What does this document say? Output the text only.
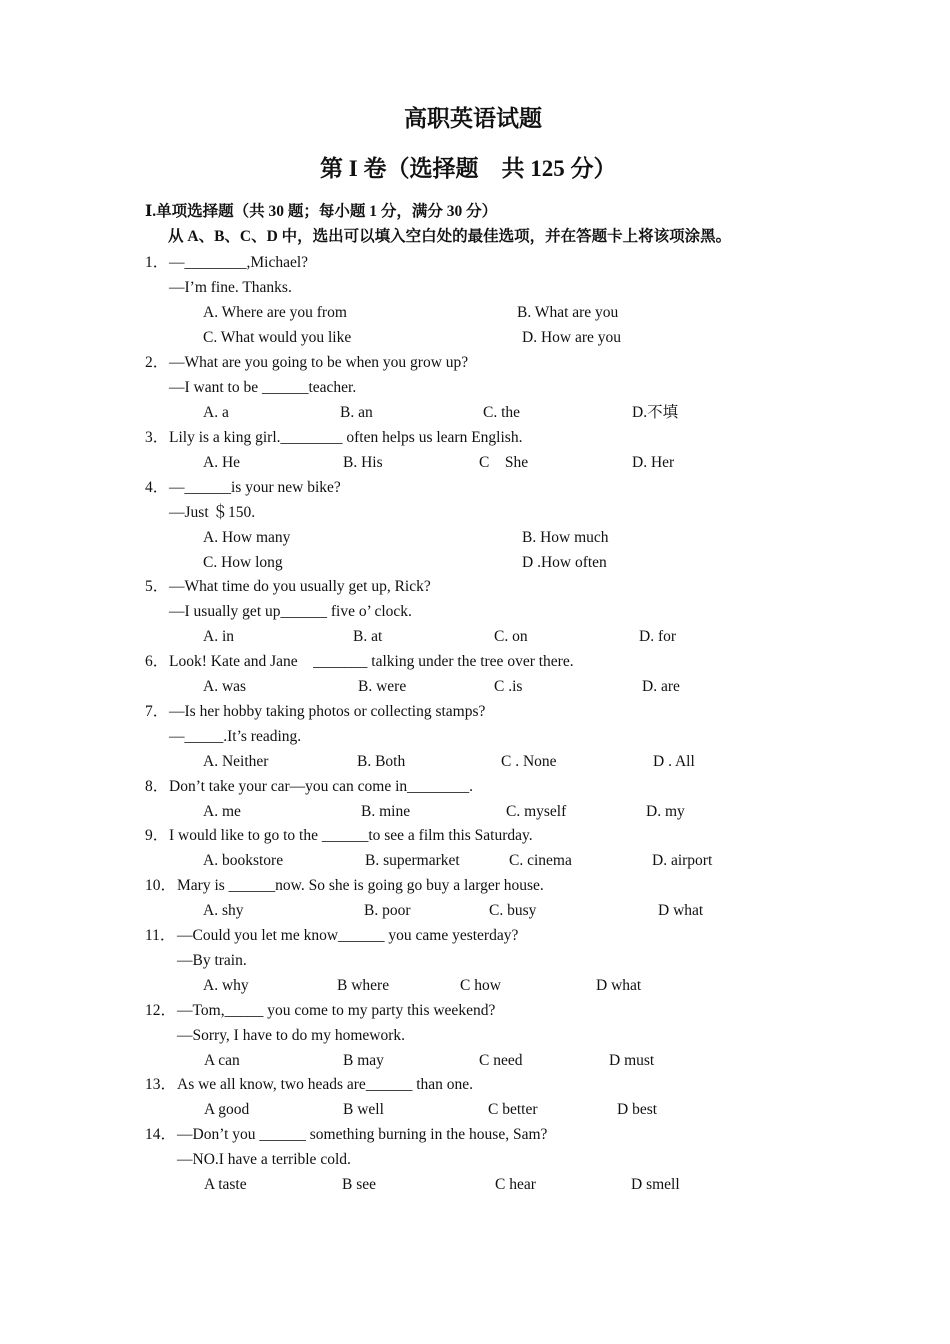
高职英语试题
第 I 卷（选择题　共 125 分）
Ⅰ.单项选择题（共 30 题；每小题 1 分，满分 30 分）
从 A、B、C、D 中，选出可以填入空白处的最佳选项，并在答题卡上将该项涂黑。
1． —________,Michael?
—I’m fine. Thanks.
A. Where are you from	B. What are you
C. What would you like	D. How are you
2． —What are you going to be when you grow up?
—I want to be ______teacher.
A. a	B. an	C. the	D.不填
3． Lily is a king girl.________ often helps us learn English.
A. He	B. His	C　She	D. Her
4． —______is your new bike?
—Just ＄150.
A. How many	B. How much
C. How long	D .How often
5． —What time do you usually get up, Rick?
—I usually get up______ five o’ clock.
A. in	B. at	C. on	D. for
6． Look! Kate and Jane　_______ talking under the tree over there.
A. was	B. were	C .is	D. are
7． —Is her hobby taking photos or collecting stamps?
—_____.It’s reading.
A. Neither	B. Both	C . None	D . All
8． Don’t take your car—you can come in________.
A. me	B. mine	C. myself	D. my
9． I would like to go to the ______to see a film this Saturday.
A. bookstore	B. supermarket	C. cinema	D. airport
10． Mary is ______now. So she is going go buy a larger house.
A. shy	B. poor	C. busy	D what
11． —Could you let me know______ you came yesterday?
—By train.
A. why	B where	C how	D what
12． —Tom,_____ you come to my party this weekend?
—Sorry, I have to do my homework.
A can	B may	C need	D must
13． As we all know, two heads are______ than one.
A good	B well	C better	D best
14． —Don’t you ______ something burning in the house, Sam?
—NO.I have a terrible cold.
A taste	B see	C hear	D smell
